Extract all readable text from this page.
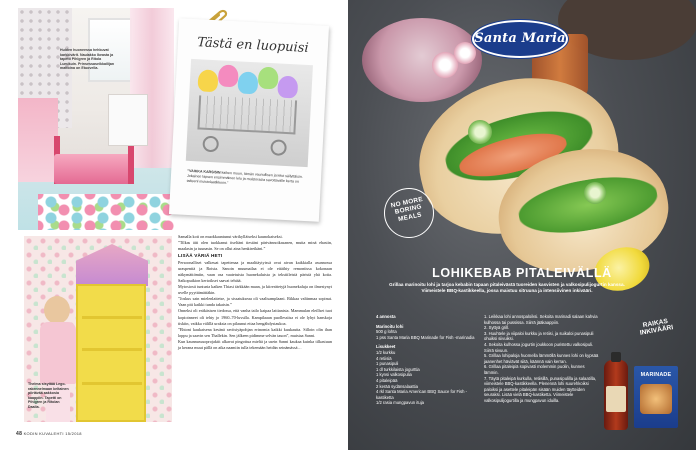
Huiden huoneessa hehkuvat karkkivärit. Naulakko Ikeasta ja tapetti Pihlgren ja Ritola Lumikuin. Prinsessaseikkailijan mattoina on Etuovella.
Tästä en luopuisi
”VAIKKA KARSISIN kaiken muun, tämän vaunullisen ja lelut säilyttäisin. Jokainen lapsen ensimmäinen lelu ja muistorasia savottavalle kerta on talteenl muistolaatikkoon.”
Thelma sisyttää Lego-rakennelmaan keltainen piirtävää aakkosia kaappiin. Tapetti on Pihlgren ja Ritolan Daalia.

Samalla koti on muokkaantunut värikylläiseksi kaunokaiseksi.

”Tilkas äiti olen tuokkanut itseltäni tiestäni pärivännoikasanen, mutta minä ehastin, maalasin ja tuunasin. Se on ollut aina henkireikäni.”

LISÄÄ VÄRIÄ HETI

Persoonalliset valkeuat tapettenaa ja maalitäytyissä ovat aivan kaikkialla asunnossa uraspenttä ja Roista. Sanoin muumailaa ei ole eitäihty remontissa kokonaan näkymättömiin, vaan osa vaatetuista huonekaluista ja tekstiileistä päristä yhä kotia. Saikopuikion kertoikset saavat tehtää.

Mytosiosti tunturia kaiken Thiasi tärkkään maan, ja kiirerätetyjä huonekaluja on ilmestynyt uvelle pyyttämättäkin.

”Joskus sain mielenlaitetse, ja sissatukseaa oli vaalisamplaani. Rikkaa valtinmaa sopinut. Vaan piti kaikki tunda takaisin.”

Onneksi oli eräkäsisen tiedossa, että vanha tailo kaipaa lattianista. Mammulan eleillset tuot kopioinneet oli tehty jo 1960–70-luvulla. Kampilaaan puollessiisa ei ole lyhyt hanskoja tiskiin, vaikka välillä uraksia on pilaunut ettaa hengähdystaukoa.

”Ehtoni kaukaisena kesänä ravitsiyäpohjan erinomia kaikki kuukautta. Silloin olin ihan loppu ja saavin sen Thallekin. Sen jälkeen pidimme selvän tauon”, muistaa Sanni.

Kun kaunnussuoprojaktit alkavat pingottua mieltä ja usein Sanni kaukaa kuinka tilkastuun ja kerana muut pällä on aika naamiin tulla tekemään heidän seinämässä…

48 KODIN KUVALEHTI 15/2018
Santa Maria
NO MORE BORING MEALS
LOHIKEBAB PITALEIVÄLLÄ
Grillaa marinoitu lohi ja tarjoa kebabin tapaan pitaleivästä tuoreiden kasvisten ja valkosipulijogurtin kanssa. Viimeistele BBQ-kastikkeella, jossa maistuu sitruuna ja intensiivinen inkivääri.
4 annosta
Marinoitu lohi
500 g lohta
1 pss Santa Maria BBQ Marinade for Fish -marinadia
Lisukkeet
1/2 kurkku
4 retiisiä
1 punasipuli
1 dl turkkilaista jogurttia
1 kynsi valkosipulia
4 pitaleipää
2 kerää sydänsalaattia
4 rkl Santa Maria American BBQ Sauce for Fish -kastiketta
1/2 rasia mungpavun ituja
1. Leikkaa lohi annospaloiksi. Sekoita marinadi salaan kahvia kulhossa tai pussissa. Siirrä jääkaappiin.
2. Syttyä grill.
3. Huuhtele ja viipaloi kurkku ja retiisi, ja suikaloi punasipuli ohuiksi siivuiksi.
4. Sekoita kulhossa jogurtin joukkoon puristettu valkosipuli. Siirrä sivuun.
5. Grillaa lohipaloja huomella lämmöllä kunnes lohi on kypsää jaanenhet häviävät siitä, käännä vain kerran.
6. Grillaa pitaleipiä sopivasti molemmin puolin, kunnes lämmin.
7. Täytä pitaleipä kurkulla, retiisillä, punasipulilla ja salaatilla, viimeistele BBQ-kastikkeella. Plenennä lohi suurehkoiksi paloiksi ja asettele pitaleipän sisään muiden täytteiden seuraksi. Lisää vielä BBQ-kastiketta. Viimeistele valkosipulijogurtilla ja mungpavun iduilla.
RAIKAS INKIVÄÄRI
MARINADE
